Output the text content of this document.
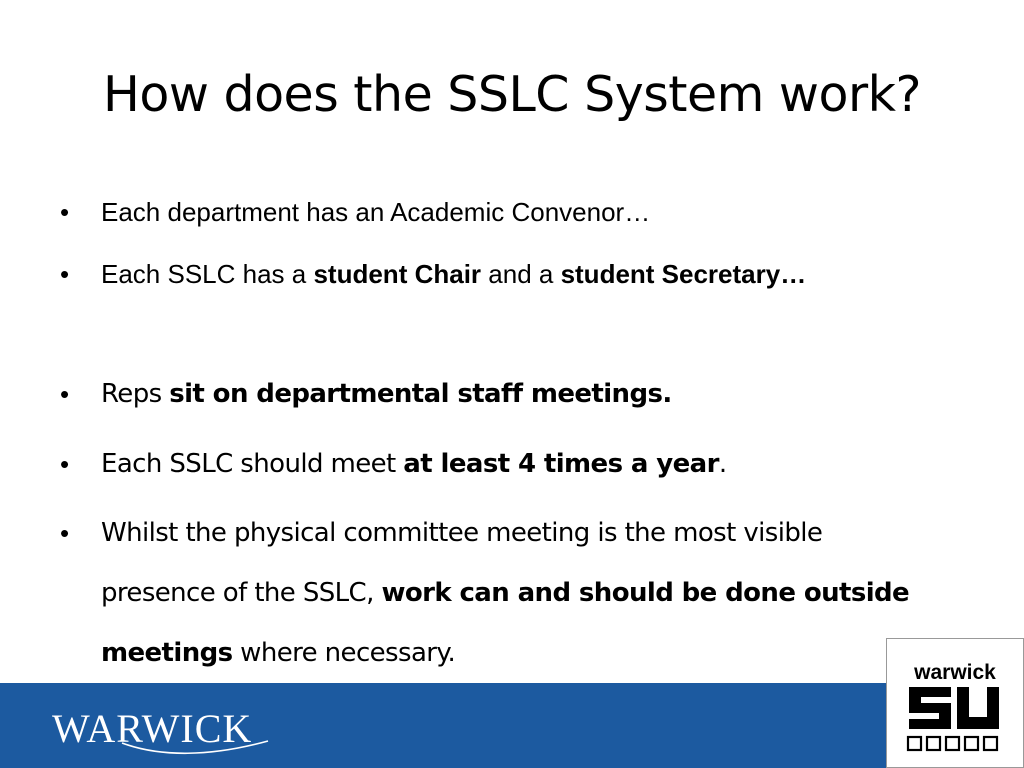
How does the SSLC System work?
• Each department has an Academic Convenor…
• Each SSLC has a student Chair and a student Secretary…
• Reps sit on departmental staff meetings.
• Each SSLC should meet at least 4 times a year.
• Whilst the physical committee meeting is the most visible presence of the SSLC, work can and should be done outside meetings where necessary.
WARWICK
warwick
